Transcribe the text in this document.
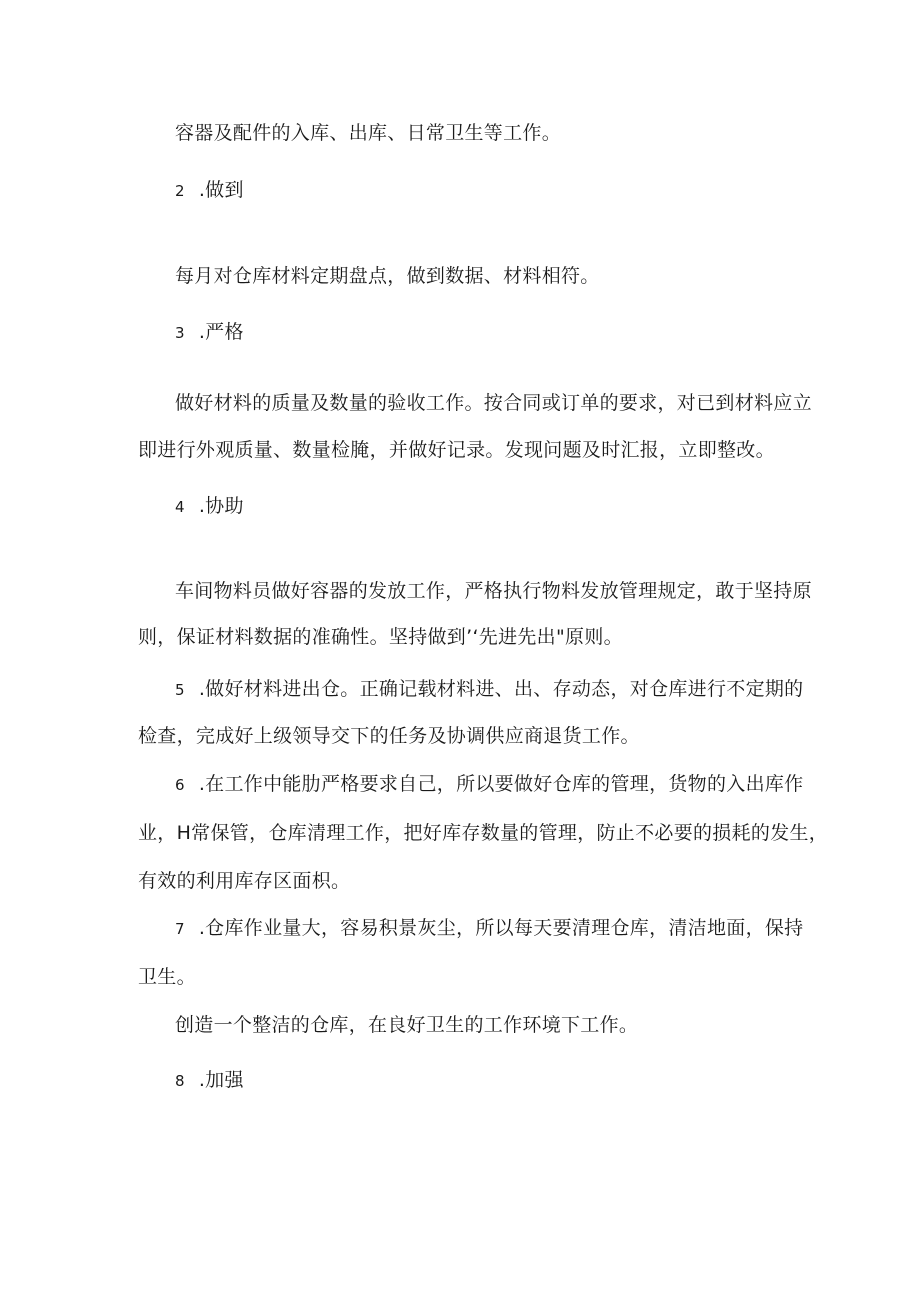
容器及配件的入库、出库、日常卫生等工作。
2 .做到
每月对仓库材料定期盘点，做到数据、材料相符。
3 .严格
做好材料的质量及数量的验收工作。按合同或订单的要求，对已到材料应立
即进行外观质量、数量检腌，并做好记录。发现问题及时汇报，立即整改。
4 .协助
车间物料员做好容器的发放工作，严格执行物料发放管理规定，敢于坚持原
则，保证材料数据的准确性。坚持做到’‘先进先出"原则。
5 .做好材料进出仓。正确记载材料进、出、存动态，对仓库进行不定期的
检查，完成好上级领导交下的任务及协调供应商退货工作。
6 .在工作中能肋严格要求自己，所以要做好仓库的管理，货物的入出库作
业，H常保管，仓库清理工作，把好库存数量的管理，防止不必要的损耗的发生，
有效的利用库存区面枳。
7 .仓库作业量大，容易积景灰尘，所以每天要清理仓库，清洁地面，保持
卫生。
创造一个整洁的仓库，在良好卫生的工作环境下工作。
8 .加强
